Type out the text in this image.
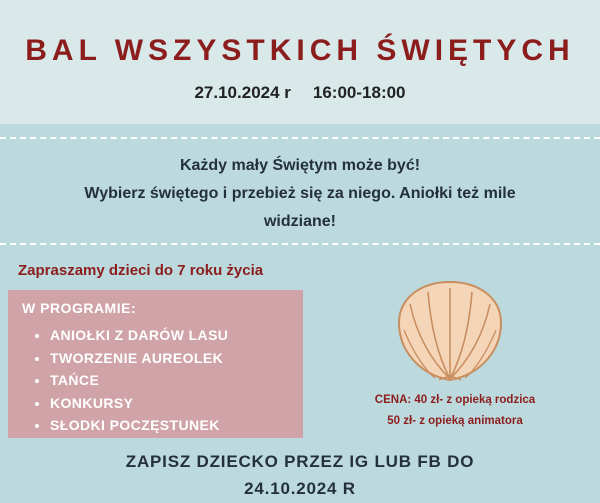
BAL WSZYSTKICH ŚWIĘTYCH
27.10.2024 r 16:00-18:00
Każdy mały Świętym może być!
Wybierz świętego i przebież się za niego. Aniołki też mile
widziane!
Zapraszamy dzieci do 7 roku życia
W PROGRAMIE:
• ANIOŁKI Z DARÓW LASU
• TWORZENIE AUREOLEK
• TAŃCE
• KONKURSY
• SŁODKI POCZĘSTUNEK
CENA: 40 zł- z opieką rodzica
50 zł- z opieką animatora
ZAPISZ DZIECKO PRZEZ IG LUB FB DO
24.10.2024 R
